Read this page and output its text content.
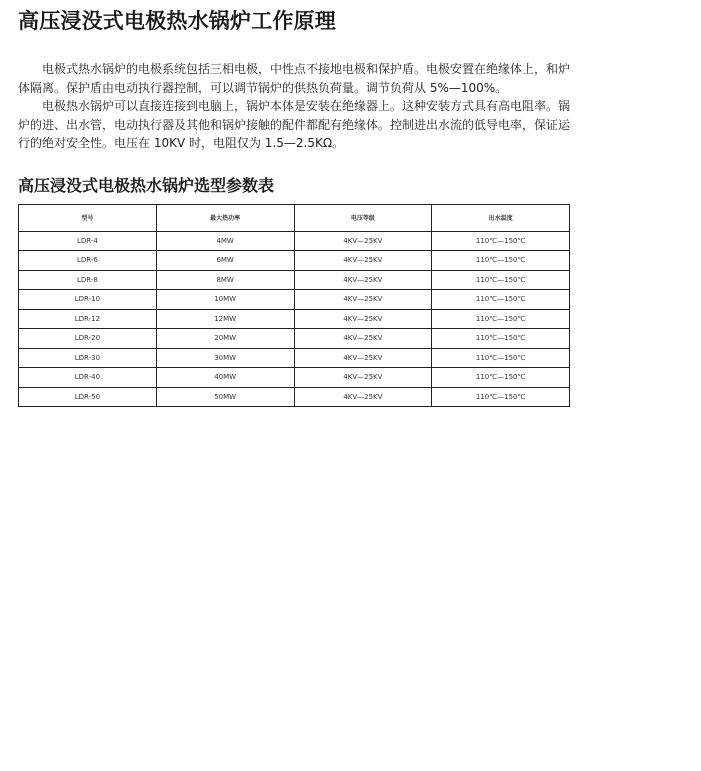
高压浸没式电极热水锅炉工作原理

电极式热水锅炉的电极系统包括三相电极，中性点不接地电极和保护盾。电极安置在绝缘体上，和炉体隔离。保护盾由电动执行器控制，可以调节锅炉的供热负荷量。调节负荷从 5%—100%。

电极热水锅炉可以直接连接到电脑上，锅炉本体是安装在绝缘器上。这种安装方式具有高电阻率。锅炉的进、出水管，电动执行器及其他和锅炉接触的配件都配有绝缘体。控制进出水流的低导电率，保证运行的绝对安全性。电压在 10KV 时，电阻仅为 1.5—2.5KΩ。

高压浸没式电极热水锅炉选型参数表
型号	最大热功率	电压等级	出水温度
LDR-4	4MW	4KV—25KV	110℃—150℃
LDR-6	6MW	4KV—25KV	110℃—150℃
LDR-8	8MW	4KV—25KV	110℃—150℃
LDR-10	10MW	4KV—25KV	110℃—150℃
LDR-12	12MW	4KV—25KV	110℃—150℃
LDR-20	20MW	4KV—25KV	110℃—150℃
LDR-30	30MW	4KV—25KV	110℃—150℃
LDR-40	40MW	4KV—25KV	110℃—150℃
LDR-50	50MW	4KV—25KV	110℃—150℃
